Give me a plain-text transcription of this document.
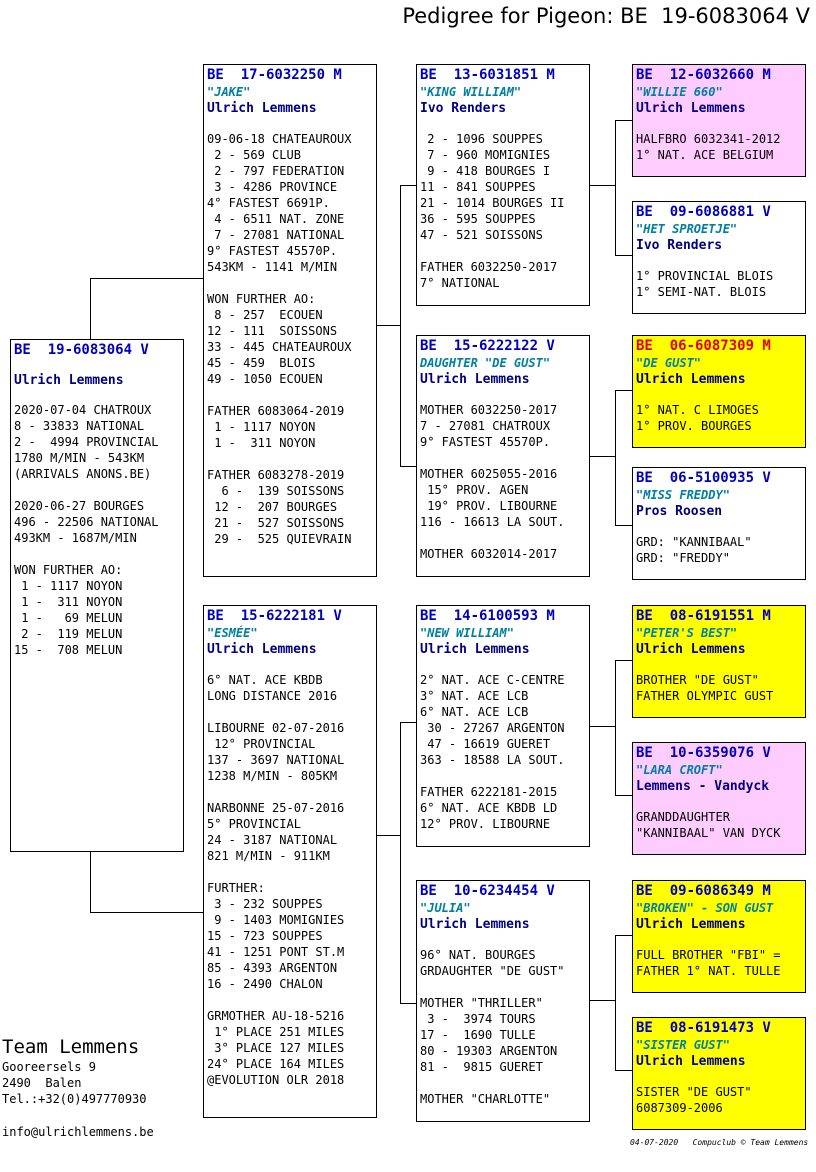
Pedigree for Pigeon: BE  19-6083064 V
BE  19-6083064 V
Ulrich Lemmens
2020-07-04 CHATROUX
8 - 33833 NATIONAL
2 -  4994 PROVINCIAL
1780 M/MIN - 543KM
(ARRIVALS ANONS.BE)

2020-06-27 BOURGES
496 - 22506 NATIONAL
493KM - 1687M/MIN

WON FURTHER AO:
1 - 1117 NOYON
1 -  311 NOYON
1 -   69 MELUN
2 -  119 MELUN
15 -  708 MELUN
BE  17-6032250 M
"JAKE"
Ulrich Lemmens
09-06-18 CHATEAUROUX
2 - 569 CLUB
2 - 797 FEDERATION
3 - 4286 PROVINCE
4° FASTEST 6691P.
4 - 6511 NAT. ZONE
7 - 27081 NATIONAL
9° FASTEST 45570P.
543KM - 1141 M/MIN

WON FURTHER AO:
8 - 257  ECOUEN
12 - 111  SOISSONS
33 - 445 CHATEAUROUX
45 - 459  BLOIS
49 - 1050 ECOUEN

FATHER 6083064-2019
1 - 1117 NOYON
1 -  311 NOYON

FATHER 6083278-2019
6 -  139 SOISSONS
12 -  207 BOURGES
21 -  527 SOISSONS
29 -  525 QUIEVRAIN
BE  15-6222181 V
"ESMÉE"
Ulrich Lemmens
6° NAT. ACE KBDB
LONG DISTANCE 2016

LIBOURNE 02-07-2016
12° PROVINCIAL
137 - 3697 NATIONAL
1238 M/MIN - 805KM

NARBONNE 25-07-2016
5° PROVINCIAL
24 - 3187 NATIONAL
821 M/MIN - 911KM

FURTHER:
3 - 232 SOUPPES
9 - 1403 MOMIGNIES
15 - 723 SOUPPES
41 - 1251 PONT ST.M
85 - 4393 ARGENTON
16 - 2490 CHALON

GRMOTHER AU-18-5216
1° PLACE 251 MILES
3° PLACE 127 MILES
24° PLACE 164 MILES
@EVOLUTION OLR 2018
BE  13-6031851 M
"KING WILLIAM"
Ivo Renders
2 - 1096 SOUPPES
7 - 960 MOMIGNIES
9 - 418 BOURGES I
11 - 841 SOUPPES
21 - 1014 BOURGES II
36 - 595 SOUPPES
47 - 521 SOISSONS

FATHER 6032250-2017
7° NATIONAL
BE  15-6222122 V
DAUGHTER "DE GUST"
Ulrich Lemmens
MOTHER 6032250-2017
7 - 27081 CHATROUX
9° FASTEST 45570P.

MOTHER 6025055-2016
15° PROV. AGEN
19° PROV. LIBOURNE
116 - 16613 LA SOUT.

MOTHER 6032014-2017
BE  14-6100593 M
"NEW WILLIAM"
Ulrich Lemmens
2° NAT. ACE C-CENTRE
3° NAT. ACE LCB
6° NAT. ACE LCB
30 - 27267 ARGENTON
47 - 16619 GUERET
363 - 18588 LA SOUT.

FATHER 6222181-2015
6° NAT. ACE KBDB LD
12° PROV. LIBOURNE
BE  10-6234454 V
"JULIA"
Ulrich Lemmens
96° NAT. BOURGES
GRDAUGHTER "DE GUST"

MOTHER "THRILLER"
3 -  3974 TOURS
17 -  1690 TULLE
80 - 19303 ARGENTON
81 -  9815 GUERET

MOTHER "CHARLOTTE"
BE  12-6032660 M
"WILLIE 660"
Ulrich Lemmens
HALFBRO 6032341-2012
1° NAT. ACE BELGIUM
BE  09-6086881 V
"HET SPROETJE"
Ivo Renders
1° PROVINCIAL BLOIS
1° SEMI-NAT. BLOIS
BE  06-6087309 M
"DE GUST"
Ulrich Lemmens
1° NAT. C LIMOGES
1° PROV. BOURGES
BE  06-5100935 V
"MISS FREDDY"
Pros Roosen
GRD: "KANNIBAAL"
GRD: "FREDDY"
BE  08-6191551 M
"PETER'S BEST"
Ulrich Lemmens
BROTHER "DE GUST"
FATHER OLYMPIC GUST
BE  10-6359076 V
"LARA CROFT"
Lemmens - Vandyck
GRANDDAUGHTER
"KANNIBAAL" VAN DYCK
BE  09-6086349 M
"BROKEN" - SON GUST
Ulrich Lemmens
FULL BROTHER "FBI" =
FATHER 1° NAT. TULLE
BE  08-6191473 V
"SISTER GUST"
Ulrich Lemmens
SISTER "DE GUST"
6087309-2006
Team Lemmens
Gooreersels 9
2490  Balen
Tel.:+32(0)497770930
info@ulrichlemmens.be
04-07-2020   Compuclub © Team Lemmens
